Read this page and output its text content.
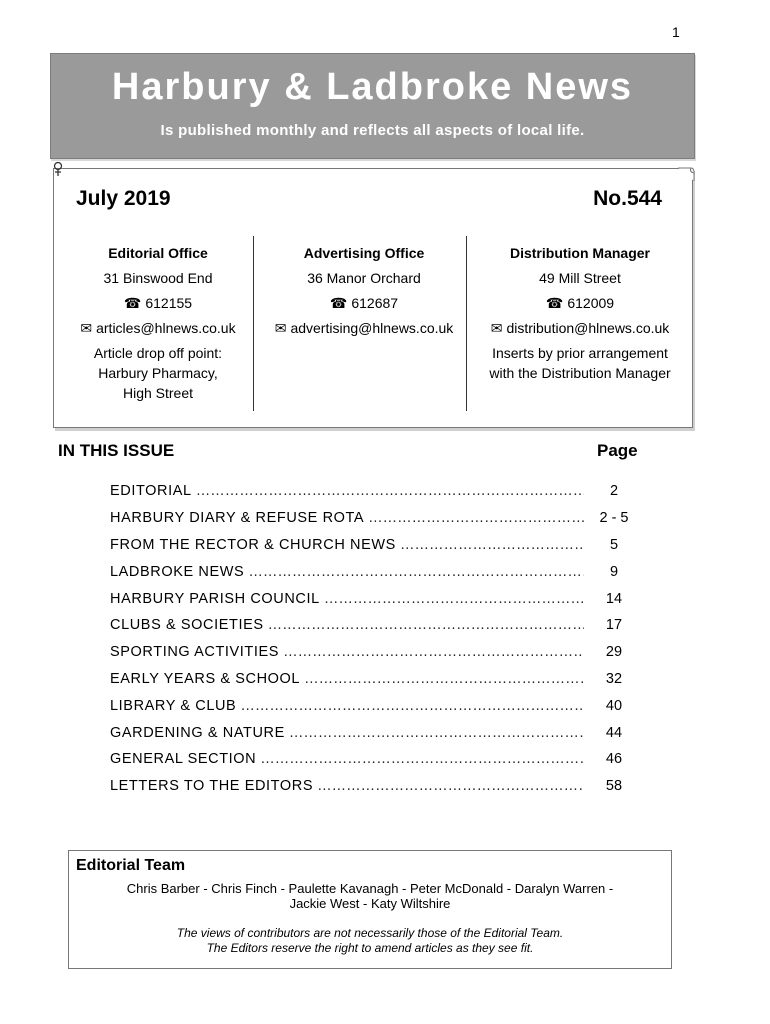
1
Harbury & Ladbroke News
Is published monthly and reflects all aspects of local life.
July 2019	No.544
Editorial Office
31 Binswood End
☎ 612155
✉ articles@hlnews.co.uk
Article drop off point:
Harbury Pharmacy,
High Street
Advertising Office
36 Manor Orchard
☎ 612687
✉ advertising@hlnews.co.uk
Distribution Manager
49 Mill Street
☎ 612009
✉ distribution@hlnews.co.uk
Inserts by prior arrangement
with the Distribution Manager
IN THIS ISSUE	Page
EDITORIAL …………………………………………………………………………………………………………………………	2
HARBURY DIARY & REFUSE ROTA …………………………………………………………………………………………………………………………	2 - 5
FROM THE RECTOR & CHURCH NEWS …………………………………………………………………………………………………………………………	5
LADBROKE NEWS …………………………………………………………………………………………………………………………	9
HARBURY PARISH COUNCIL …………………………………………………………………………………………………………………………	14
CLUBS & SOCIETIES …………………………………………………………………………………………………………………………	17
SPORTING ACTIVITIES …………………………………………………………………………………………………………………………	29
EARLY YEARS & SCHOOL …………………………………………………………………………………………………………………………	32
LIBRARY & CLUB …………………………………………………………………………………………………………………………	40
GARDENING & NATURE …………………………………………………………………………………………………………………………	44
GENERAL SECTION …………………………………………………………………………………………………………………………	46
LETTERS TO THE EDITORS …………………………………………………………………………………………………………………………	58
Editorial Team
Chris Barber - Chris Finch - Paulette Kavanagh - Peter McDonald - Daralyn Warren -
Jackie West - Katy Wiltshire
The views of contributors are not necessarily those of the Editorial Team.
The Editors reserve the right to amend articles as they see fit.
